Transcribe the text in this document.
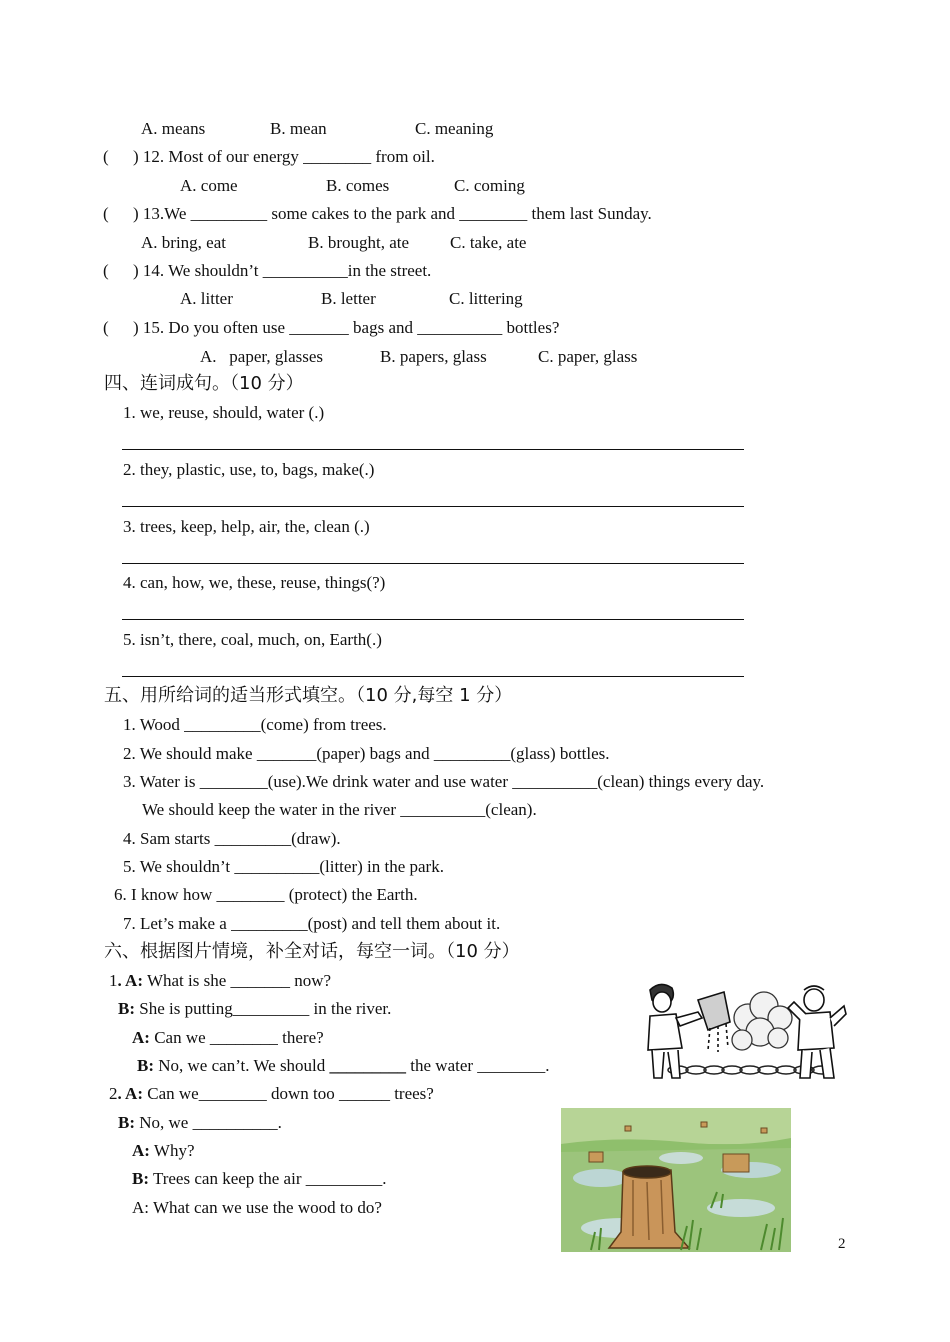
A. means	B. mean	C. meaning
( ) 12. Most of our energy ________ from oil.
A. come	B. comes	C. coming
( ) 13.We _________ some cakes to the park and ________ them last Sunday.
A. bring, eat	B. brought, ate C. take, ate
( ) 14. We shouldn’t __________in the street.
A. litter	B. letter	C. littering
( ) 15. Do you often use _______ bags and __________ bottles?
A.   paper, glasses	B. papers, glass	C. paper, glass
四、连词成句。（10 分）
1. we, reuse, should, water (.)
2. they, plastic, use, to, bags, make(.)
3. trees, keep, help, air, the, clean (.)
4. can, how, we, these, reuse, things(?)
5. isn’t, there, coal, much, on, Earth(.)
五、用所给词的适当形式填空。（10 分,每空 1 分）
1. Wood _________(come) from trees.
2. We should make _______(paper) bags and _________(glass) bottles.
3. Water is ________(use).We drink water and use water __________(clean) things every day.
We should keep the water in the river __________(clean).
4. Sam starts _________(draw).
5. We shouldn’t __________(litter) in the park.
6. I know how ________ (protect) the Earth.
7. Let’s make a _________(post) and tell them about it.
六、根据图片情境，补全对话，每空一词。（10 分）
1. A: What is she _______ now?
B: She is putting_________ in the river.
A: Can we ________ there?
B: No, we can’t. We should _________ the water ________.
2. A: Can we________ down too ______ trees?
B: No, we __________.
A: Why?
B: Trees can keep the air _________.
A: What can we use the wood to do?
2
